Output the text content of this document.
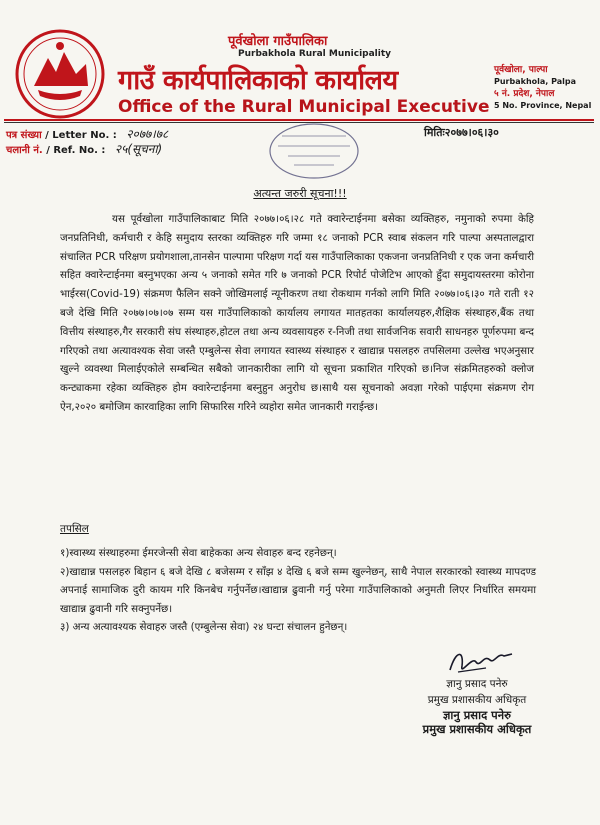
पूर्वखोला गाउँपालिका
Purbakhola Rural Municipality
गाउँ कार्यपालिकाको कार्यालय
Office of the Rural Municipal Executive
पूर्वखोला, पाल्पा
Purbakhola, Palpa
५ नं. प्रदेश, नेपाल
5 No. Province, Nepal
पत्र संख्या / Letter No. : २०७७।७८
चलानी नं. / Ref. No. : २५(सूचना)
मितिः२०७७।०६।३०
अत्यन्त जरुरी सूचना!!!
यस पूर्वखोला गाउँपालिकाबाट मिति २०७७।०६।२८ गते क्वारेन्टाईनमा बसेका व्यक्तिहरु, नमुनाको रुपमा केहि जनप्रतिनिधी, कर्मचारी र केहि समुदाय स्तरका व्यक्तिहरु गरि जम्मा १८ जनाको PCR स्वाब संकलन गरि पाल्पा अस्पतालद्वारा संचालित PCR परिक्षण प्रयोगशाला,तानसेन पाल्पामा परिक्षण गर्दा यस गाउँपालिकाका एकजना जनप्रतिनिधी र एक जना कर्मचारी सहित क्वारेन्टाईनमा बस्नुभएका अन्य ५ जनाको समेत गरि ७ जनाको PCR रिपोर्ट पोजेटिभ आएको हुँदा समुदायस्तरमा कोरोना भाईरस(Covid-19) संक्रमण फैलिन सक्ने जोखिमलाई न्यूनीकरण तथा रोकथाम गर्नको लागि मिति २०७७।०६।३० गते राती १२ बजे देखि मिति २०७७।०७।०७ सम्म यस गाउँपालिकाको कार्यालय लगायत मातहतका कार्यालयहरु,शैक्षिक संस्थाहरु,बैंक तथा वित्तीय संस्थाहरु,गैर सरकारी संघ संस्थाहरु,होटल तथा अन्य व्यवसायहरु र-निजी तथा सार्वजनिक सवारी साधनहरु पूर्णरुपमा बन्द गरिएको तथा अत्यावश्यक सेवा जस्तै एम्बुलेन्स सेवा लगायत स्वास्थ्य संस्थाहरु र खाद्यान्न पसलहरु तपसिलमा उल्लेख भएअनुसार खुल्ने व्यवस्था मिलाईएकोले सम्बन्धित सबैको जानकारीका लागि यो सूचना प्रकाशित गरिएको छ।निज संक्रमितहरुको क्लोज कन्ट्याकमा रहेका व्यक्तिहरु होम क्वारेन्टाईनमा बस्नुहुन अनुरोध छ।साथै यस सूचनाको अवज्ञा गरेको पाईएमा संक्रमण रोग ऐन,२०२० बमोजिम कारवाहिका लागि सिफारिस गरिने व्यहोरा समेत जानकारी गराईन्छ।
तपसिल

१)स्वास्थ्य संस्थाहरुमा ईमरजेन्सी सेवा बाहेकका अन्य सेवाहरु बन्द रहनेछन्।

२)खाद्यान्न पसलहरु बिहान ६ बजे देखि ८ बजेसम्म र साँझ ४ देखि ६ बजे सम्म खुल्नेछन्, साथै नेपाल सरकारको स्वास्थ्य मापदण्ड अपनाई सामाजिक दुरी कायम गरि किनबेच गर्नुपर्नेछ।खाद्यान्न ढुवानी गर्नु परेमा गाउँपालिकाको अनुमती लिएर निर्धारित समयमा खाद्यान्न ढुवानी गरि सक्नुपर्नेछ।

३) अन्य अत्यावश्यक सेवाहरु जस्तै (एम्बुलेन्स सेवा) २४ घन्टा संचालन हुनेछन्।

ज्ञानु प्रसाद पनेरु
प्रमुख प्रशासकीय अधिकृत
ज्ञानु प्रसाद पनेरु
प्रमुख प्रशासकीय अधिकृत
